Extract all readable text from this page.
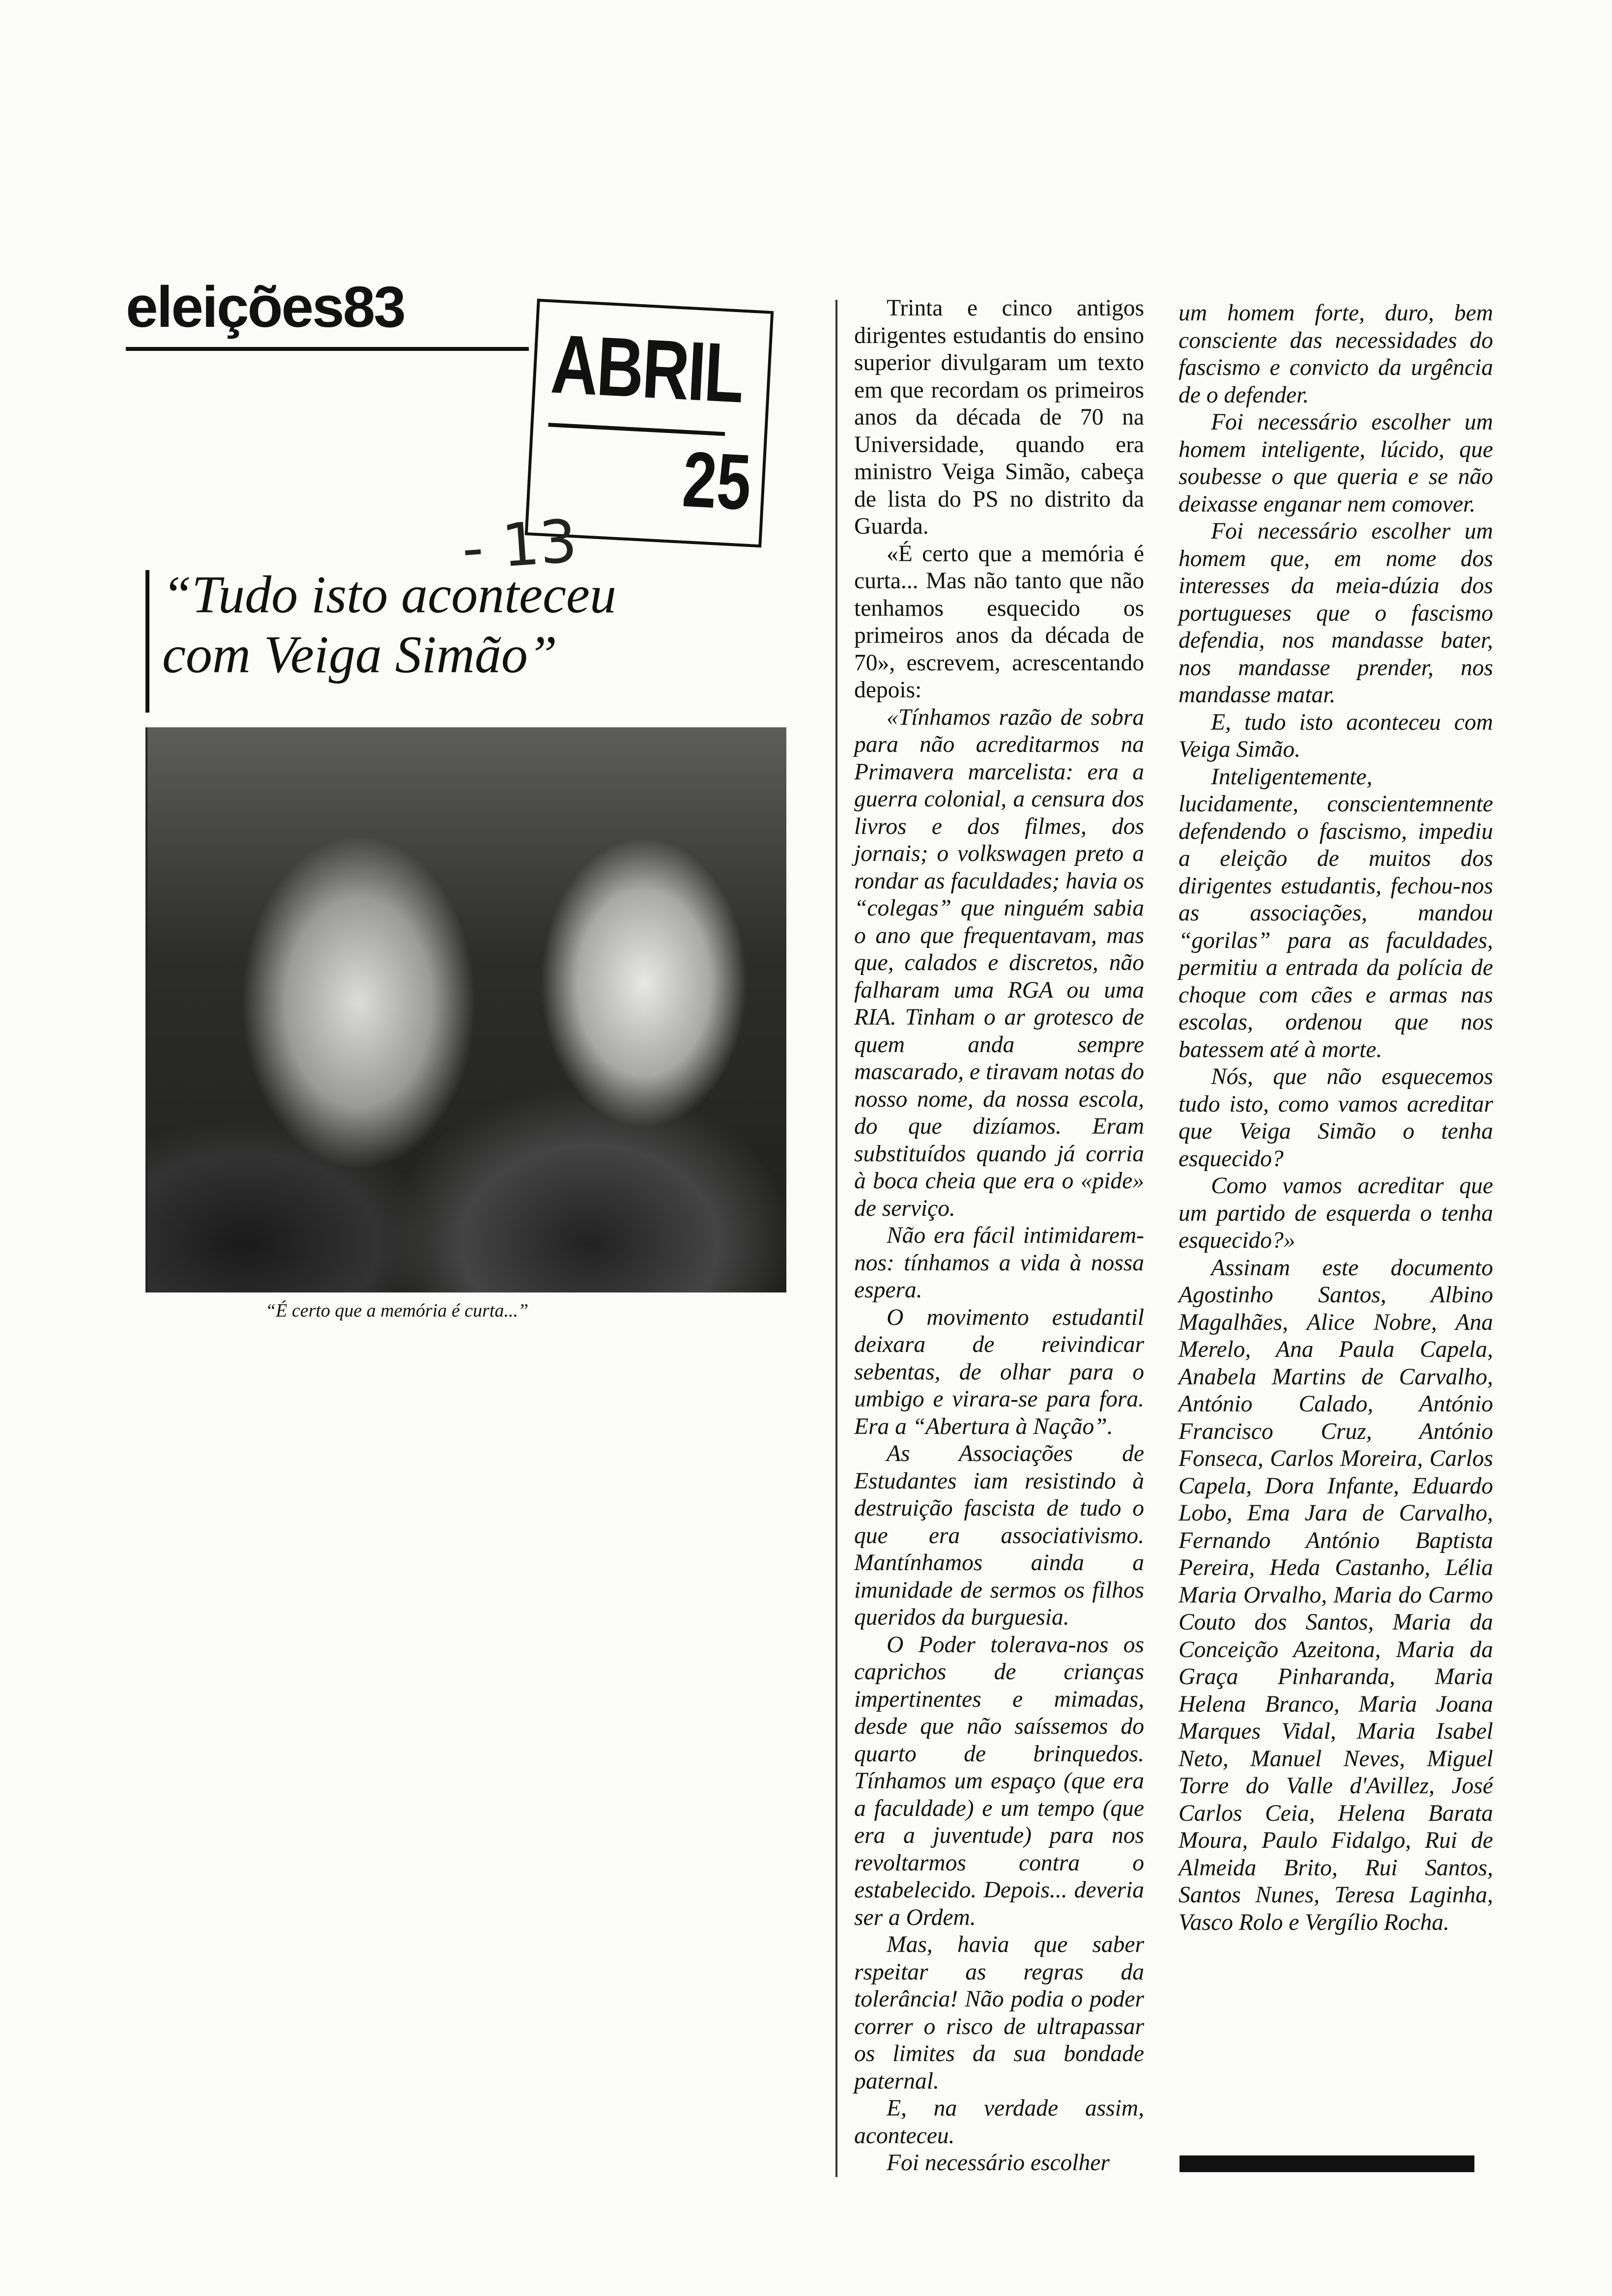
eleições83
ABRIL
25
- 13
“Tudo isto aconteceu
com Veiga Simão”
“É certo que a memória é curta...”

Trinta e cinco antigos dirigentes estudantis do ensino superior divulgaram um texto em que recordam os primeiros anos da década de 70 na Universidade, quando era ministro Veiga Simão, cabeça de lista do PS no distrito da Guarda.

«É certo que a memória é curta... Mas não tanto que não tenhamos esquecido os primeiros anos da década de 70», escrevem, acrescentando depois:

«Tínhamos razão de sobra para não acreditarmos na Primavera marcelista: era a guerra colonial, a censura dos livros e dos filmes, dos jornais; o volkswagen preto a rondar as faculdades; havia os “colegas” que ninguém sabia o ano que frequentavam, mas que, calados e discretos, não falharam uma RGA ou uma RIA. Tinham o ar grotesco de quem anda sempre mascarado, e tiravam notas do nosso nome, da nossa escola, do que dizíamos. Eram substituídos quando já corria à boca cheia que era o «pide» de serviço.

Não era fácil intimidarem-nos: tínhamos a vida à nossa espera.

O movimento estudantil deixara de reivindicar sebentas, de olhar para o umbigo e virara-se para fora. Era a “Abertura à Nação”.

As Associações de Estudantes iam resistindo à destruição fascista de tudo o que era associativismo. Mantínhamos ainda a imunidade de sermos os filhos queridos da burguesia.

O Poder tolerava-nos os caprichos de crianças impertinentes e mimadas, desde que não saíssemos do quarto de brinquedos. Tínhamos um espaço (que era a faculdade) e um tempo (que era a juventude) para nos revoltarmos contra o estabelecido. Depois... deveria ser a Ordem.

Mas, havia que saber rspeitar as regras da tolerância! Não podia o poder correr o risco de ultrapassar os limites da sua bondade paternal.

E, na verdade assim, aconteceu.

Foi necessário escolher

um homem forte, duro, bem consciente das necessidades do fascismo e convicto da urgência de o defender.

Foi necessário escolher um homem inteligente, lúcido, que soubesse o que queria e se não deixasse enganar nem comover.

Foi necessário escolher um homem que, em nome dos interesses da meia-dúzia dos portugueses que o fascismo defendia, nos mandasse bater, nos mandasse prender, nos mandasse matar.

E, tudo isto aconteceu com Veiga Simão.

Inteligentemente, lucidamente, conscientemnente defendendo o fascismo, impediu a eleição de muitos dos dirigentes estudantis, fechou-nos as associações, mandou “gorilas” para as faculdades, permitiu a entrada da polícia de choque com cães e armas nas escolas, ordenou que nos batessem até à morte.

Nós, que não esquecemos tudo isto, como vamos acreditar que Veiga Simão o tenha esquecido?

Como vamos acreditar que um partido de esquerda o tenha esquecido?»

Assinam este documento Agostinho Santos, Albino Magalhães, Alice Nobre, Ana Merelo, Ana Paula Capela, Anabela Martins de Carvalho, António Calado, António Francisco Cruz, António Fonseca, Carlos Moreira, Carlos Capela, Dora Infante, Eduardo Lobo, Ema Jara de Carvalho, Fernando António Baptista Pereira, Heda Castanho, Lélia Maria Orvalho, Maria do Carmo Couto dos Santos, Maria da Conceição Azeitona, Maria da Graça Pinharanda, Maria Helena Branco, Maria Joana Marques Vidal, Maria Isabel Neto, Manuel Neves, Miguel Torre do Valle d'Avillez, José Carlos Ceia, Helena Barata Moura, Paulo Fidalgo, Rui de Almeida Brito, Rui Santos, Santos Nunes, Teresa Laginha, Vasco Rolo e Vergílio Rocha.
